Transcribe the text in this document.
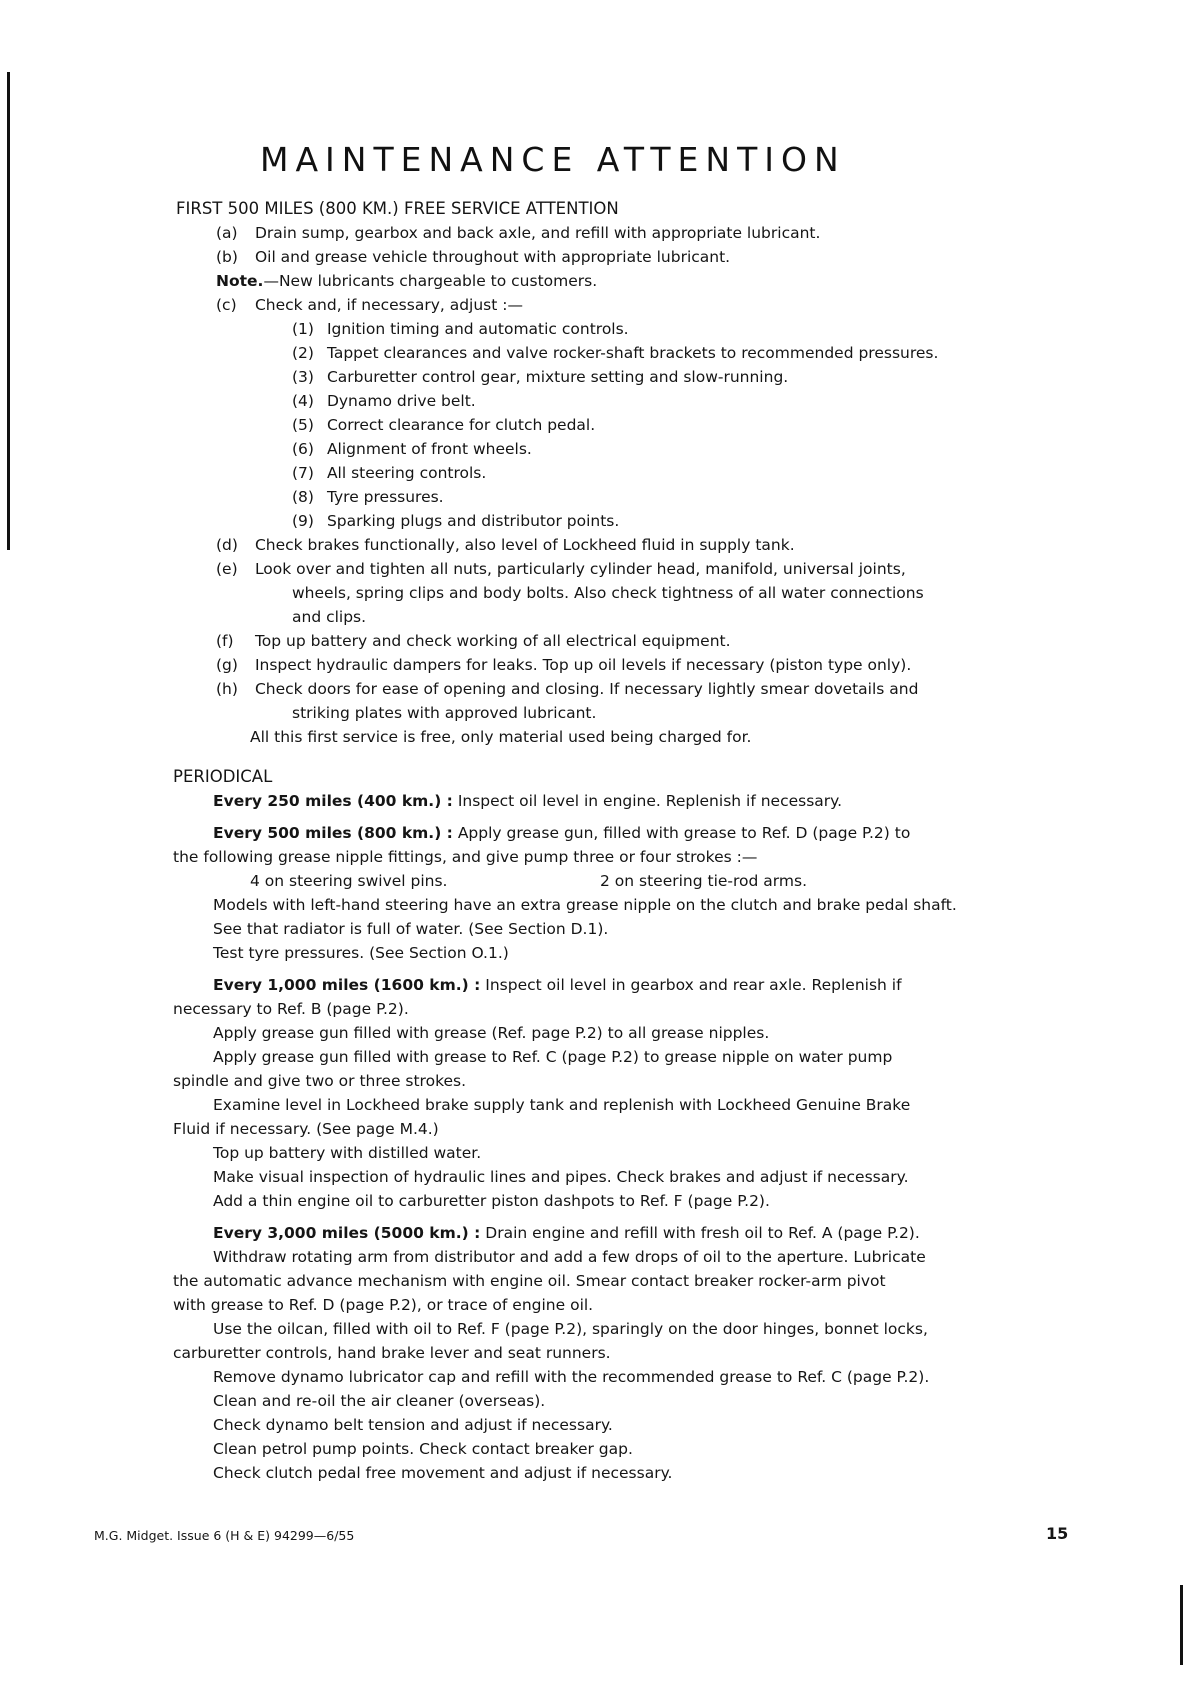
MAINTENANCE ATTENTION
FIRST 500 MILES (800 KM.) FREE SERVICE ATTENTION
(a) Drain sump, gearbox and back axle, and refill with appropriate lubricant.
(b) Oil and grease vehicle throughout with appropriate lubricant.
Note.—New lubricants chargeable to customers.
(c) Check and, if necessary, adjust :—
(1) Ignition timing and automatic controls.
(2) Tappet clearances and valve rocker-shaft brackets to recommended pressures.
(3) Carburetter control gear, mixture setting and slow-running.
(4) Dynamo drive belt.
(5) Correct clearance for clutch pedal.
(6) Alignment of front wheels.
(7) All steering controls.
(8) Tyre pressures.
(9) Sparking plugs and distributor points.
(d) Check brakes functionally, also level of Lockheed fluid in supply tank.
(e) Look over and tighten all nuts, particularly cylinder head, manifold, universal joints,
wheels, spring clips and body bolts. Also check tightness of all water connections
and clips.
(f) Top up battery and check working of all electrical equipment.
(g) Inspect hydraulic dampers for leaks. Top up oil levels if necessary (piston type only).
(h) Check doors for ease of opening and closing. If necessary lightly smear dovetails and
striking plates with approved lubricant.
All this first service is free, only material used being charged for.
PERIODICAL
Every 250 miles (400 km.) : Inspect oil level in engine. Replenish if necessary.
Every 500 miles (800 km.) : Apply grease gun, filled with grease to Ref. D (page P.2) to
the following grease nipple fittings, and give pump three or four strokes :—
4 on steering swivel pins.	2 on steering tie-rod arms.
Models with left-hand steering have an extra grease nipple on the clutch and brake pedal shaft.
See that radiator is full of water. (See Section D.1).
Test tyre pressures. (See Section O.1.)
Every 1,000 miles (1600 km.) : Inspect oil level in gearbox and rear axle. Replenish if
necessary to Ref. B (page P.2).
Apply grease gun filled with grease (Ref. page P.2) to all grease nipples.
Apply grease gun filled with grease to Ref. C (page P.2) to grease nipple on water pump
spindle and give two or three strokes.
Examine level in Lockheed brake supply tank and replenish with Lockheed Genuine Brake
Fluid if necessary. (See page M.4.)
Top up battery with distilled water.
Make visual inspection of hydraulic lines and pipes. Check brakes and adjust if necessary.
Add a thin engine oil to carburetter piston dashpots to Ref. F (page P.2).
Every 3,000 miles (5000 km.) : Drain engine and refill with fresh oil to Ref. A (page P.2).
Withdraw rotating arm from distributor and add a few drops of oil to the aperture. Lubricate
the automatic advance mechanism with engine oil. Smear contact breaker rocker-arm pivot
with grease to Ref. D (page P.2), or trace of engine oil.
Use the oilcan, filled with oil to Ref. F (page P.2), sparingly on the door hinges, bonnet locks,
carburetter controls, hand brake lever and seat runners.
Remove dynamo lubricator cap and refill with the recommended grease to Ref. C (page P.2).
Clean and re-oil the air cleaner (overseas).
Check dynamo belt tension and adjust if necessary.
Clean petrol pump points. Check contact breaker gap.
Check clutch pedal free movement and adjust if necessary.
M.G. Midget. Issue 6 (H & E) 94299—6/55	15
